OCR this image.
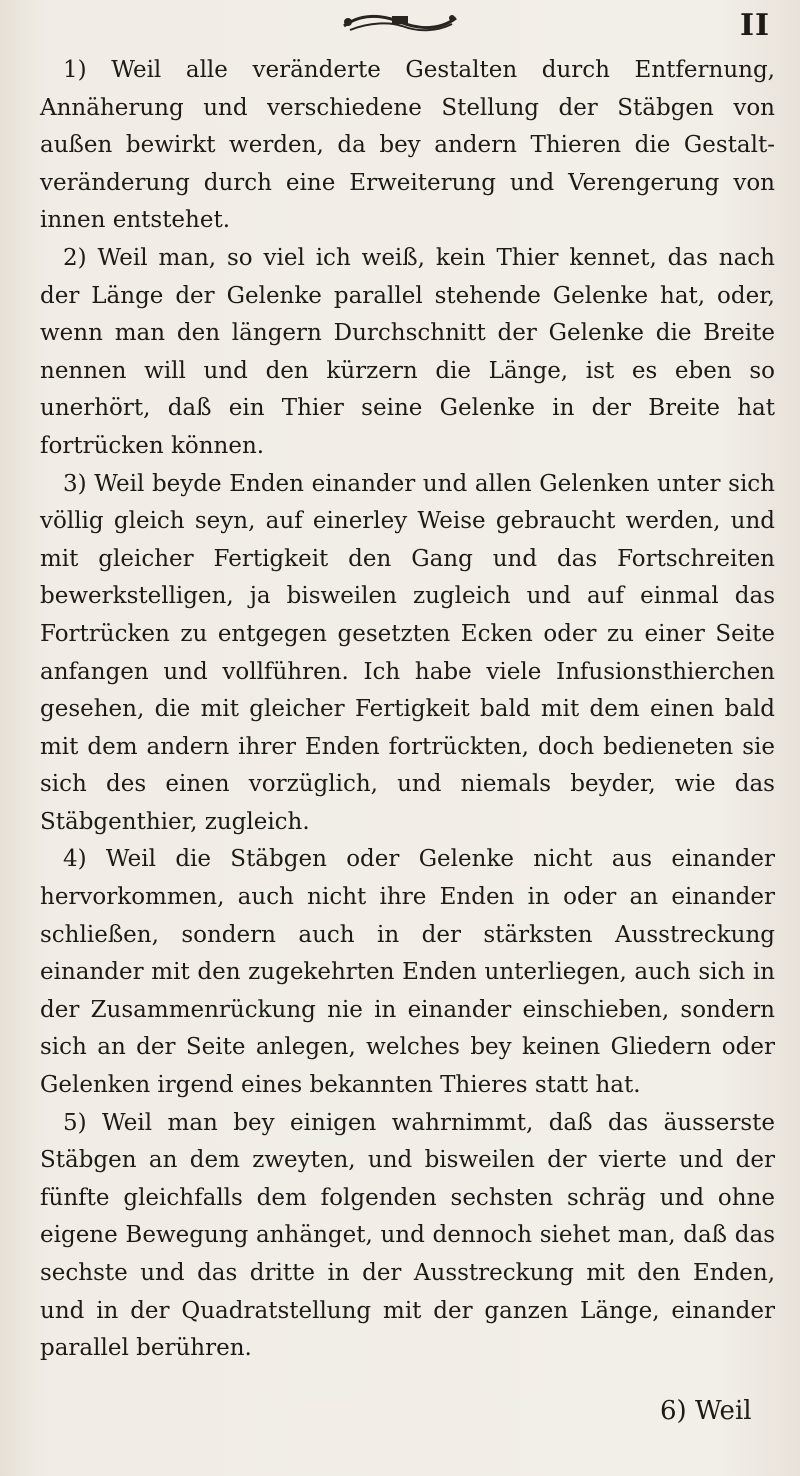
II

1) Weil alle veränderte Gestalten durch Entfernung, Annäherung und verschiedene Stellung der Stäbgen von außen bewirkt werden, da bey andern Thieren die Gestalt-veränderung durch eine Erweiterung und Verengerung von innen entstehet.

2) Weil man, so viel ich weiß, kein Thier kennet, das nach der Länge der Gelenke parallel stehende Gelenke hat, oder, wenn man den längern Durchschnitt der Gelenke die Breite nennen will und den kürzern die Länge, ist es eben so unerhört, daß ein Thier seine Gelenke in der Breite hat fortrücken können.

3) Weil beyde Enden einander und allen Gelenken unter sich völlig gleich seyn, auf einerley Weise gebraucht werden, und mit gleicher Fertigkeit den Gang und das Fortschreiten bewerkstelligen, ja bisweilen zugleich und auf einmal das Fortrücken zu entgegen gesetzten Ecken oder zu einer Seite anfangen und vollführen. Ich habe viele Infusionsthierchen gesehen, die mit gleicher Fertigkeit bald mit dem einen bald mit dem andern ihrer Enden fortrückten, doch bedieneten sie sich des einen vorzüglich, und niemals beyder, wie das Stäbgenthier, zugleich.

4) Weil die Stäbgen oder Gelenke nicht aus einander hervorkommen, auch nicht ihre Enden in oder an einander schließen, sondern auch in der stärksten Ausstreckung einander mit den zugekehrten Enden unterliegen, auch sich in der Zusammenrückung nie in einander einschieben, sondern sich an der Seite anlegen, welches bey keinen Gliedern oder Gelenken irgend eines bekannten Thieres statt hat.

5) Weil man bey einigen wahrnimmt, daß das äusserste Stäbgen an dem zweyten, und bisweilen der vierte und der fünfte gleichfalls dem folgenden sechsten schräg und ohne eigene Bewegung anhänget, und dennoch siehet man, daß das sechste und das dritte in der Ausstreckung mit den Enden, und in der Quadratstellung mit der ganzen Länge, einander parallel berühren.

6) Weil
